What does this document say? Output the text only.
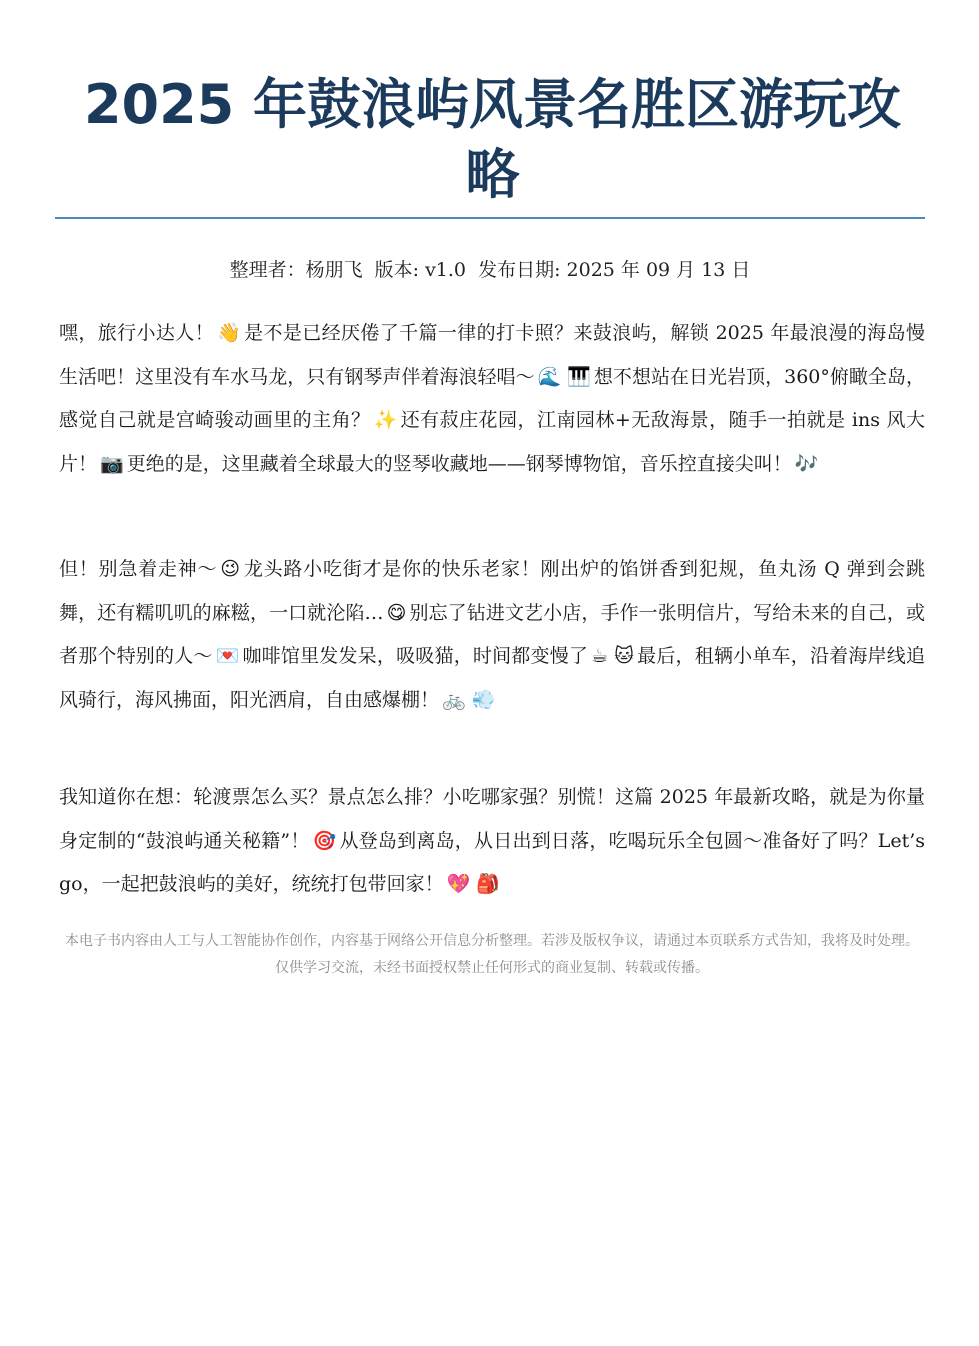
2025 年鼓浪屿风景名胜区游玩攻略
整理者：杨朋飞 版本: v1.0 发布日期: 2025 年 09 月 13 日

嘿，旅行小达人！ 👋 是不是已经厌倦了千篇一律的打卡照？来鼓浪屿，解锁 2025 年最浪漫的海岛慢生活吧！这里没有车水马龙，只有钢琴声伴着海浪轻唱～ 🌊 🎹 想不想站在日光岩顶，360°俯瞰全岛，感觉自己就是宫崎骏动画里的主角？ ✨ 还有菽庄花园，江南园林+无敌海景，随手一拍就是 ins 风大片！ 📷 更绝的是，这里藏着全球最大的竖琴收藏地——钢琴博物馆，音乐控直接尖叫！ 🎶

但！别急着走神～ 😉 龙头路小吃街才是你的快乐老家！刚出炉的馅饼香到犯规，鱼丸汤 Q 弹到会跳舞，还有糯叽叽的麻糍，一口就沦陷… 😋 别忘了钻进文艺小店，手作一张明信片，写给未来的自己，或者那个特别的人～ 💌 咖啡馆里发发呆，吸吸猫，时间都变慢了 ☕ 🐱 最后，租辆小单车，沿着海岸线追风骑行，海风拂面，阳光洒肩，自由感爆棚！ 🚲 💨

我知道你在想：轮渡票怎么买？景点怎么排？小吃哪家强？别慌！这篇 2025 年最新攻略，就是为你量身定制的“鼓浪屿通关秘籍”！ 🎯 从登岛到离岛，从日出到日落，吃喝玩乐全包圆～准备好了吗？Let’s go，一起把鼓浪屿的美好，统统打包带回家！ 💖 🎒

本电子书内容由人工与人工智能协作创作，内容基于网络公开信息分析整理。若涉及版权争议，请通过本页联系方式告知，我将及时处理。仅供学习交流，未经书面授权禁止任何形式的商业复制、转载或传播。
